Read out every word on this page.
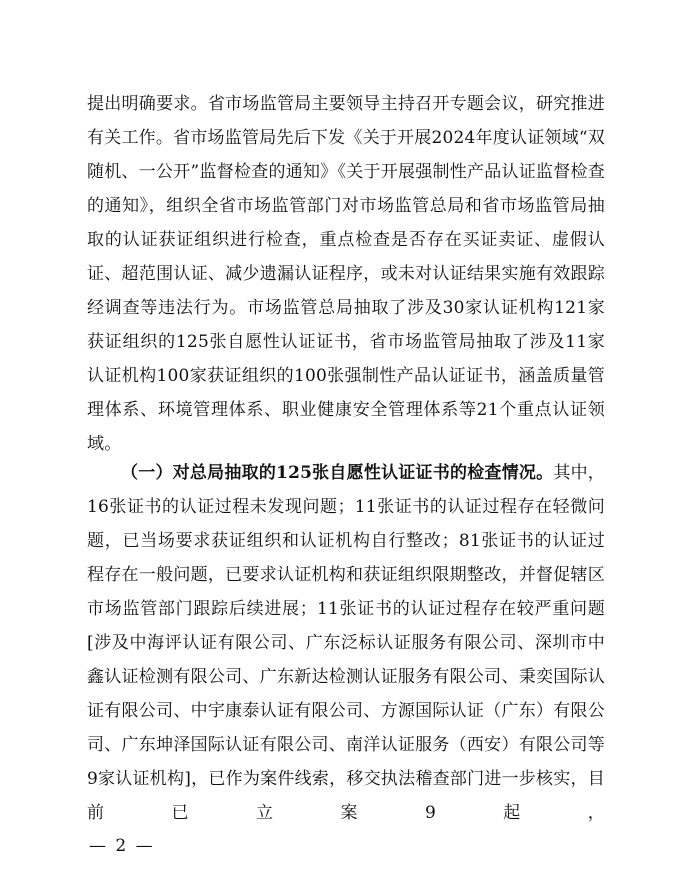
提出明确要求。省市场监管局主要领导主持召开专题会议，研究推进有关工作。省市场监管局先后下发《关于开展2024年度认证领域“双随机、一公开”监督检查的通知》《关于开展强制性产品认证监督检查的通知》，组织全省市场监管部门对市场监管总局和省市场监管局抽取的认证获证组织进行检查，重点检查是否存在买证卖证、虚假认证、超范围认证、减少遗漏认证程序，或未对认证结果实施有效跟踪经调查等违法行为。市场监管总局抽取了涉及30家认证机构121家获证组织的125张自愿性认证证书，省市场监管局抽取了涉及11家认证机构100家获证组织的100张强制性产品认证证书，涵盖质量管理体系、环境管理体系、职业健康安全管理体系等21个重点认证领域。
（一）对总局抽取的125张自愿性认证证书的检查情况。其中，16张证书的认证过程未发现问题；11张证书的认证过程存在轻微问题，已当场要求获证组织和认证机构自行整改；81张证书的认证过程存在一般问题，已要求认证机构和获证组织限期整改，并督促辖区市场监管部门跟踪后续进展；11张证书的认证过程存在较严重问题[涉及中海评认证有限公司、广东泛标认证服务有限公司、深圳市中鑫认证检测有限公司、广东新达检测认证服务有限公司、秉奕国际认证有限公司、中宇康泰认证有限公司、方源国际认证（广东）有限公司、广东坤泽国际认证有限公司、南洋认证服务（西安）有限公司等9家认证机构]，已作为案件线索，移交执法稽查部门进一步核实，目前已立案9起，
— 2 —
